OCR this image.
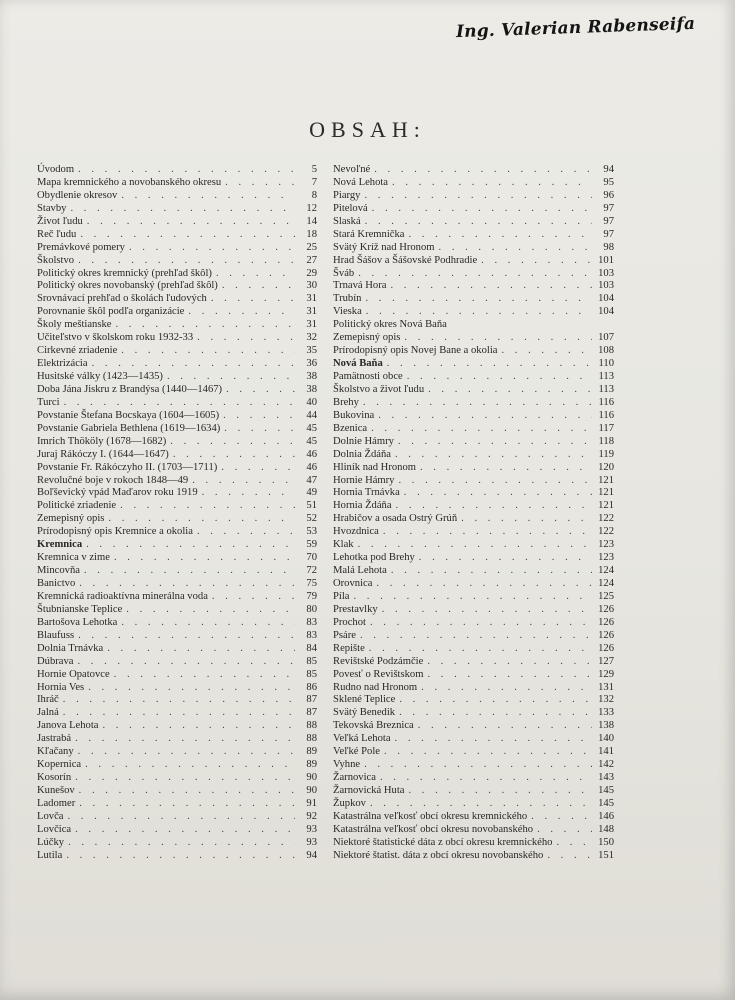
Ing. Valerian Rabenseifa
OBSAH:
Úvodom . . .	5
Mapa kremnického a novobanského okresu . . .	7
Obydlenie okresov . . .	8
Stavby . . .	12
Život ľudu . . .	14
Reč ľudu . . .	18
Premávkové pomery . . .	25
Školstvo . . .	27
Politický okres kremnický (prehľad škôl) . . .	29
Politický okres novobanský (prehľad škôl) . . .	30
Srovnávací prehľad o školách ľudových . . .	31
Porovnanie škôl podľa organizácie . . .	31
Školy meštianske . . .	31
Učiteľstvo v školskom roku 1932-33 . . .	32
Cirkevné zriadenie . . .	35
Elektrizácia . . .	36
Husitské války (1423—1435) . . .	38
Doba Jána Jiskru z Brandýsa (1440—1467) . . .	38
Turci . . .	40
Povstanie Štefana Bocskaya (1604—1605) . . .	44
Povstanie Gabriela Bethlena (1619—1634) . . .	45
Imrich Thököly (1678—1682) . . .	45
Juraj Rákóczy I. (1644—1647) . . .	46
Povstanie Fr. Rákóczyho II. (1703—1711) . . .	46
Revolučné boje v rokoch 1848—49 . . .	47
Boľševický vpád Maďarov roku 1919 . . .	49
Politické zriadenie . . .	51
Zemepisný opis . . .	52
Prírodopisný opis Kremnice a okolia . . .	53
Kremnica . . .	59
Kremnica v zime . . .	70
Mincovňa . . .	72
Banictvo . . .	75
Kremnická radioaktívna minerálna voda . . .	79
Štubnianske Teplice . . .	80
Bartošova Lehotka . . .	83
Blaufuss . . .	83
Dolnia Trnávka . . .	84
Dúbrava . . .	85
Hornie Opatovce . . .	85
Hornia Ves . . .	86
Ihráč . . .	87
Jalná . . .	87
Janova Lehota . . .	88
Jastrabá . . .	88
Kľačany . . .	89
Kopernica . . .	89
Kosorín . . .	90
Kunešov . . .	90
Ladomer . . .	91
Lovča . . .	92
Lovčica . . .	93
Lúčky . . .	93
Lutila . . .	94
Nevoľné . . .	94
Nová Lehota . . .	95
Piargy . . .	96
Pitelová . . .	97
Slaská . . .	97
Stará Kremnička . . .	97
Svätý Kríž nad Hronom . . .	98
Hrad Šášov a Šášovské Podhradie . . .	101
Šváb . . .	103
Trnavá Hora . . .	103
Trubín . . .	104
Vieska . . .	104
Politický okres Nová Baňa
Zemepisný opis . . .	107
Prírodopisný opis Novej Bane a okolia . . .	108
Nová Baňa . . .	110
Pamätnosti obce . . .	113
Školstvo a život ľudu . . .	113
Brehy . . .	116
Bukovina . . .	116
Bzenica . . .	117
Dolnie Hámry . . .	118
Dolnia Ždáňa . . .	119
Hliník nad Hronom . . .	120
Hornie Hámry . . .	121
Hornia Trnávka . . .	121
Hornia Ždáňa . . .	121
Hrabičov a osada Ostrý Grúň . . .	122
Hvozdnica . . .	122
Klak . . .	123
Lehotka pod Brehy . . .	123
Malá Lehota . . .	124
Orovnica . . .	124
Píla . . .	125
Prestavlky . . .	126
Prochot . . .	126
Psáre . . .	126
Repište . . .	126
Revištské Podzámčie . . .	127
Povesť o Revištskom . . .	129
Rudno nad Hronom . . .	131
Sklené Teplice . . .	132
Svätý Benedik . . .	133
Tekovská Breznica . . .	138
Veľká Lehota . . .	140
Veľké Pole . . .	141
Vyhne . . .	142
Žarnovica . . .	143
Žarnovická Huta . . .	145
Župkov . . .	145
Katastrálna veľkosť obcí okresu kremnického . . .	146
Katastrálna veľkosť obcí okresu novobanského . . .	148
Niektoré štatistické dáta z obcí okresu kremnického . . .	150
Niektoré štatist. dáta z obcí okresu novobanského . . .	151
